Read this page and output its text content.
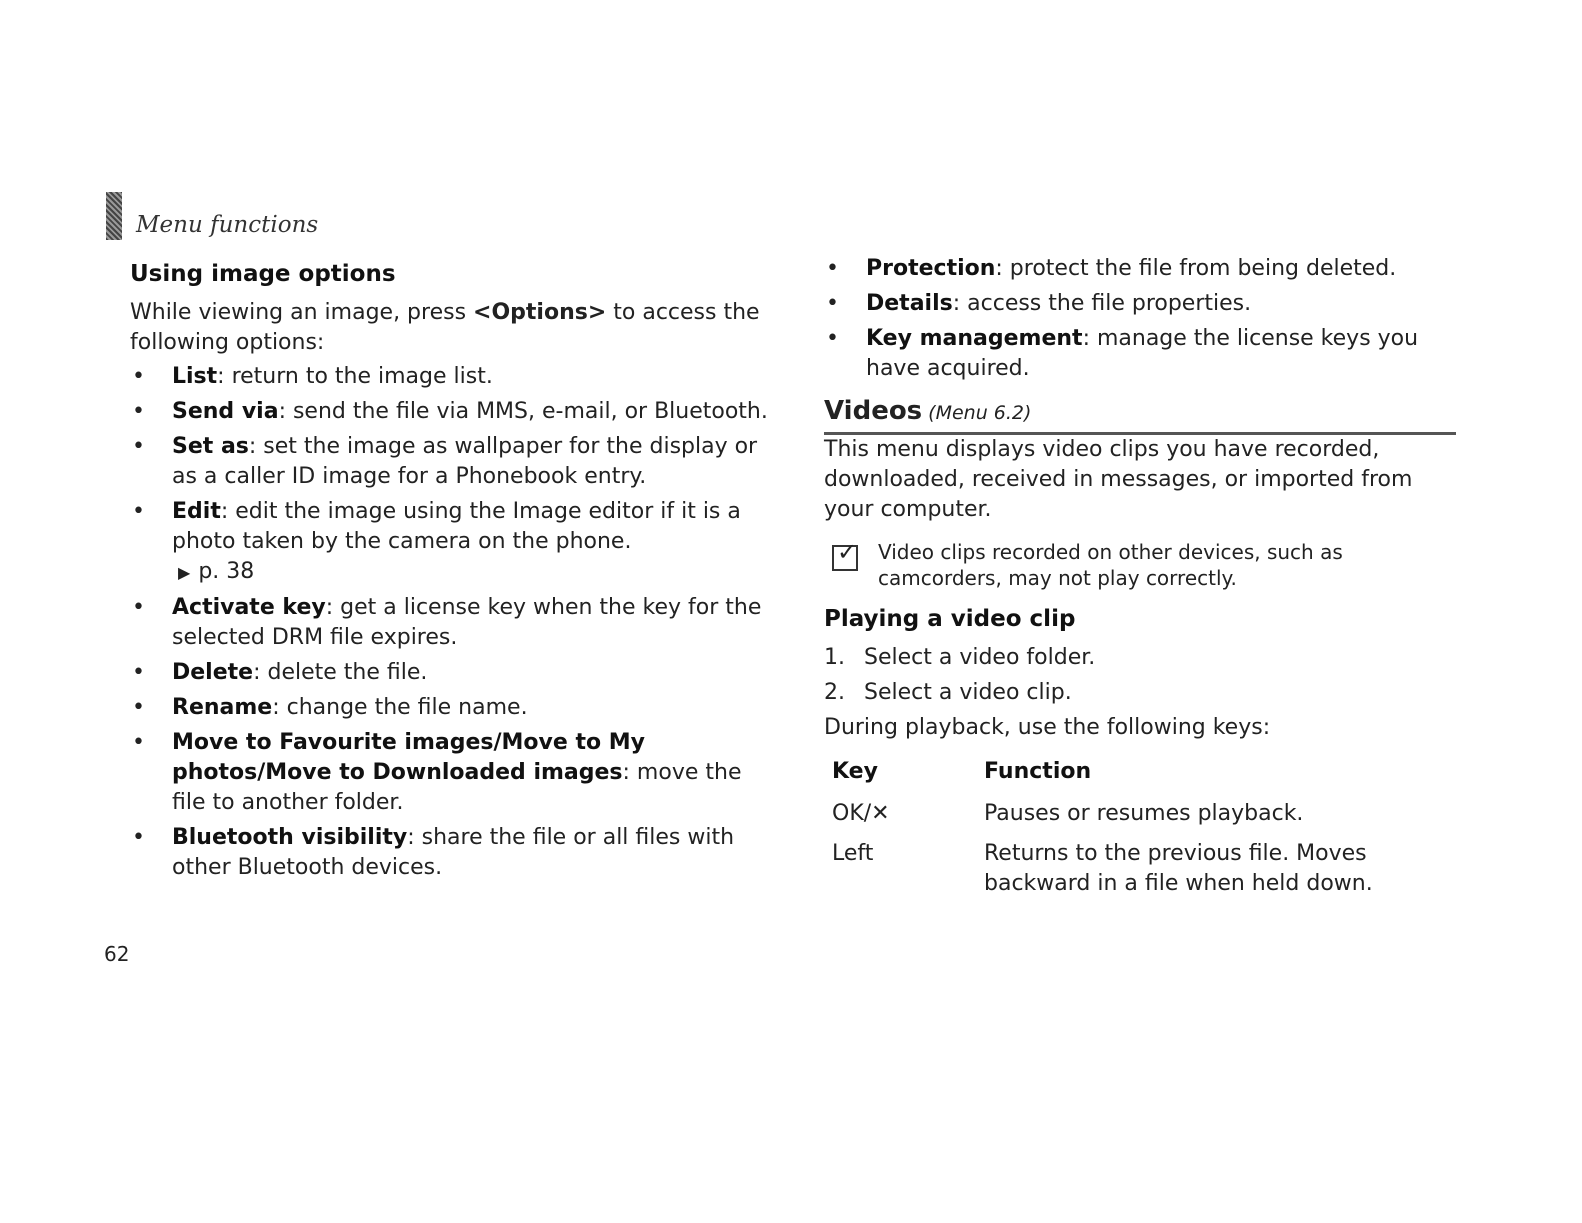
Menu functions
Using image options

While viewing an image, press <Options> to access the following options:

• List: return to the image list.
• Send via: send the file via MMS, e-mail, or Bluetooth.
• Set as: set the image as wallpaper for the display or as a caller ID image for a Phonebook entry.
• Edit: edit the image using the Image editor if it is a photo taken by the camera on the phone.
▶ p. 38
• Activate key: get a license key when the key for the selected DRM file expires.
• Delete: delete the file.
• Rename: change the file name.
• Move to Favourite images/Move to My photos/Move to Downloaded images: move the file to another folder.
• Bluetooth visibility: share the file or all files with other Bluetooth devices.
• Protection: protect the file from being deleted.
• Details: access the file properties.
• Key management: manage the license keys you have acquired.
Videos (Menu 6.2)

This menu displays video clips you have recorded, downloaded, received in messages, or imported from your computer.

✓ Video clips recorded on other devices, such as camcorders, may not play correctly.
Playing a video clip
1. Select a video folder.
2. Select a video clip.

During playback, use the following keys:

Key	Function
OK/✕	Pauses or resumes playback.
Left	Returns to the previous file. Moves backward in a file when held down.
62
